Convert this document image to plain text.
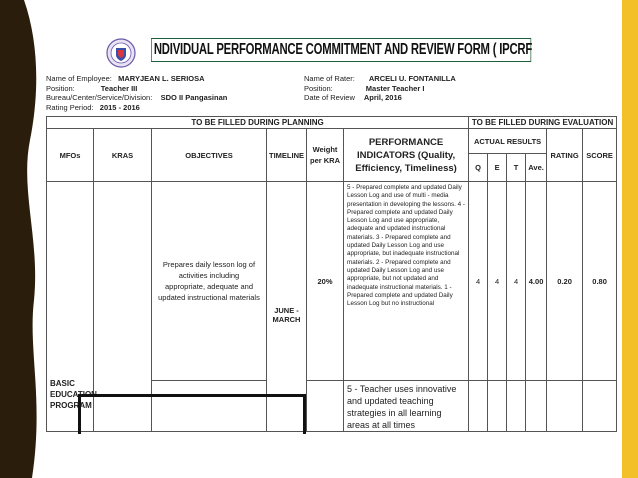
NDIVIDUAL PERFORMANCE COMMITMENT AND REVIEW FORM ( IPCRF
Name of Employee: MARYJEAN L. SERIOSA
Position:	Teacher III
Bureau/Center/Service/Division: SDO II Pangasinan
Rating Period: 2015 - 2016
Name of Rater: ARCELI U. FONTANILLA
Position:	Master Teacher I
Date of Review April, 2016
TO BE FILLED DURING PLANNING						TO BE FILLED DURING EVALUATION					
MFOs	KRAS	OBJECTIVES	TIMELINE	Weight per KRA	PERFORMANCE INDICATORS (Quality, Efficiency, Timeliness)	ACTUAL RESULTS				RATING	SCORE
						Q	E	T	Ave.		
BASIC EDUCATION PROGRAM		Prepares daily lesson log of activities including appropriate, adequate and updated instructional materials	JUNE - MARCH	20%	5 - Prepared complete and updated Daily Lesson Log and use of multi - media presentation in developing the lessons. 4 - Prepared complete and updated Daily Lesson Log and use appropriate, adequate and updated instructional materials. 3 - Prepared complete and updated Daily Lesson Log and use appropriate, but inadequate instructional materials. 2 - Prepared complete and updated Daily Lesson Log and use appropriate, but not updated and inadequate instructional materials. 1 - Prepared complete and updated Daily Lesson Log but no instructional	4	4	4	4.00	0.20	0.80
					5 - Teacher uses innovative and updated teaching strategies in all learning areas at all times						
